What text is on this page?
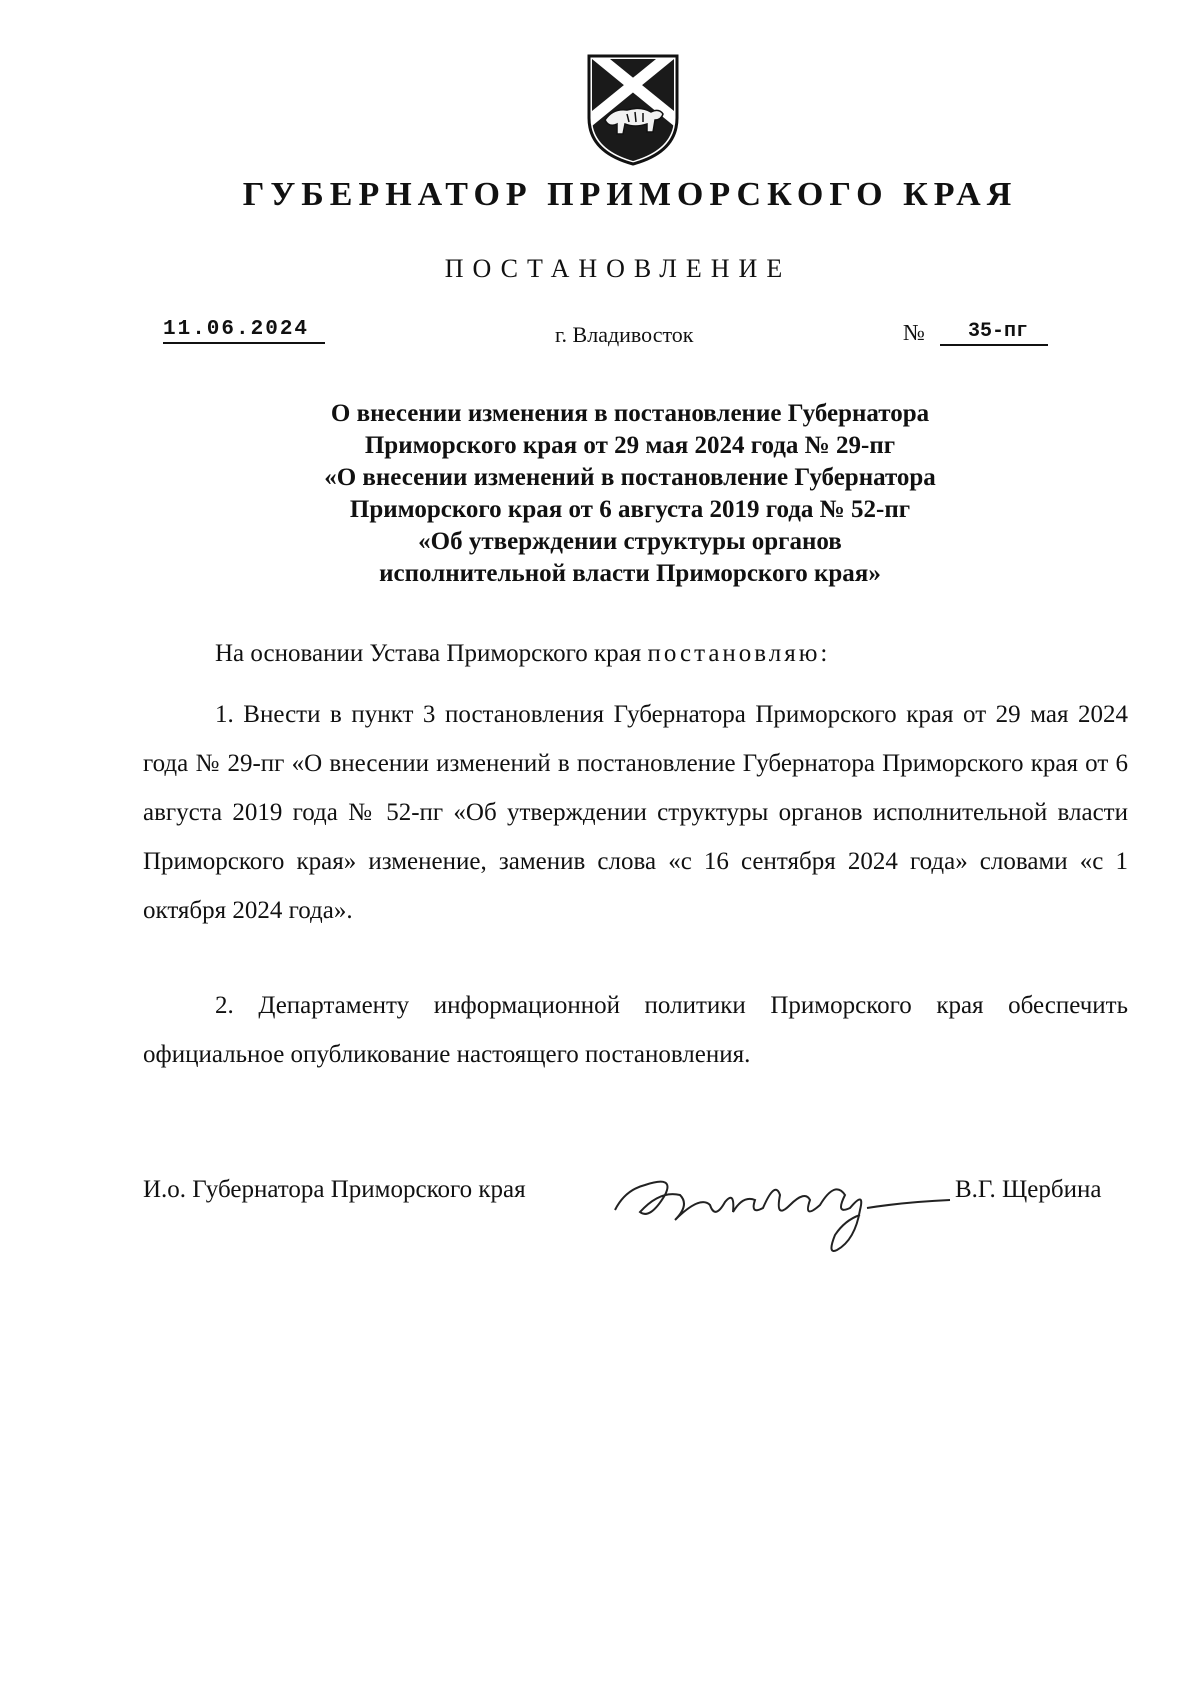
ГУБЕРНАТОР ПРИМОРСКОГО КРАЯ
ПОСТАНОВЛЕНИЕ
11.06.2024	г. Владивосток	№	35-пг
О внесении изменения в постановление Губернатора
Приморского края от 29 мая 2024 года № 29-пг
«О внесении изменений в постановление Губернатора
Приморского края от 6 августа 2019 года № 52-пг
«Об утверждении структуры органов
исполнительной власти Приморского края»
На основании Устава Приморского края постановляю:
1. Внести в пункт 3 постановления Губернатора Приморского края от 29 мая 2024 года № 29-пг «О внесении изменений в постановление Губернатора Приморского края от 6 августа 2019 года № 52-пг «Об утверждении структуры органов исполнительной власти Приморского края» изменение, заменив слова «с 16 сентября 2024 года» словами «с 1 октября 2024 года».
2. Департаменту информационной политики Приморского края обеспечить официальное опубликование настоящего постановления.
И.о. Губернатора Приморского края	В.Г. Щербина
